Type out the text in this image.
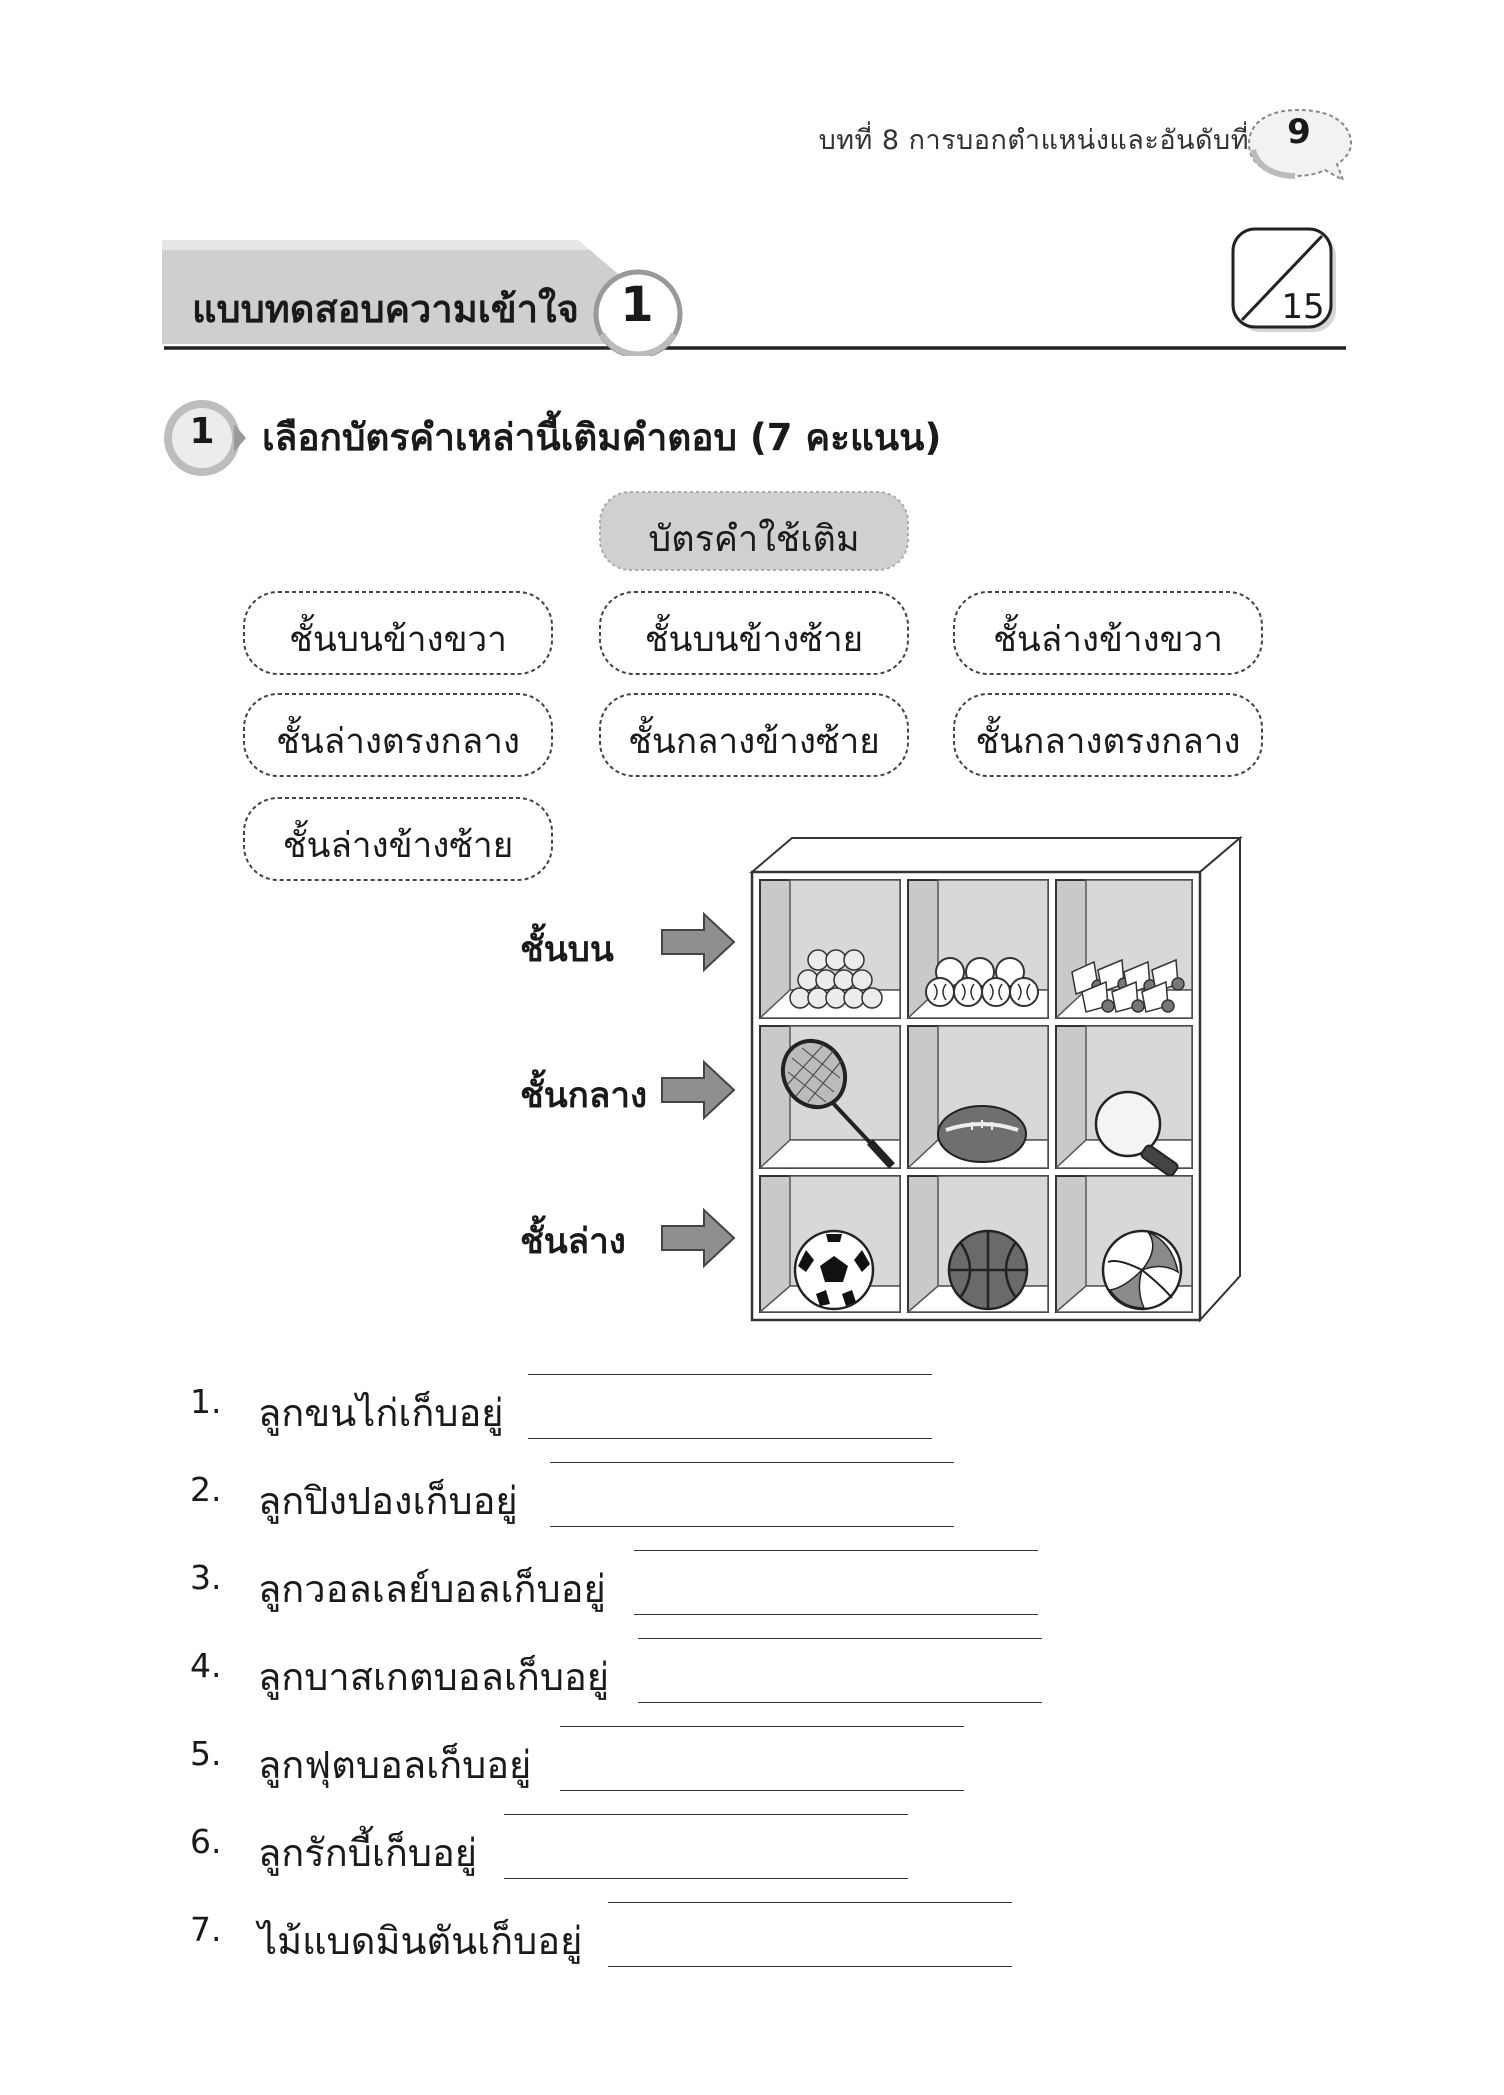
บทที่ 8 การบอกตำแหน่งและอันดับที่	9
แบบทดสอบความเข้าใจ 1	15
1	เลือกบัตรคำเหล่านี้เติมคำตอบ (7 คะแนน)
บัตรคำใช้เติม
ชั้นบนข้างขวา	ชั้นบนข้างซ้าย	ชั้นล่างข้างขวา
ชั้นล่างตรงกลาง	ชั้นกลางข้างซ้าย	ชั้นกลางตรงกลาง
ชั้นล่างข้างซ้าย
ชั้นบน
ชั้นกลาง
ชั้นล่าง
1. ลูกขนไก่เก็บอยู่
2. ลูกปิงปองเก็บอยู่
3. ลูกวอลเลย์บอลเก็บอยู่
4. ลูกบาสเกตบอลเก็บอยู่
5. ลูกฟุตบอลเก็บอยู่
6. ลูกรักบี้เก็บอยู่
7. ไม้แบดมินตันเก็บอยู่
